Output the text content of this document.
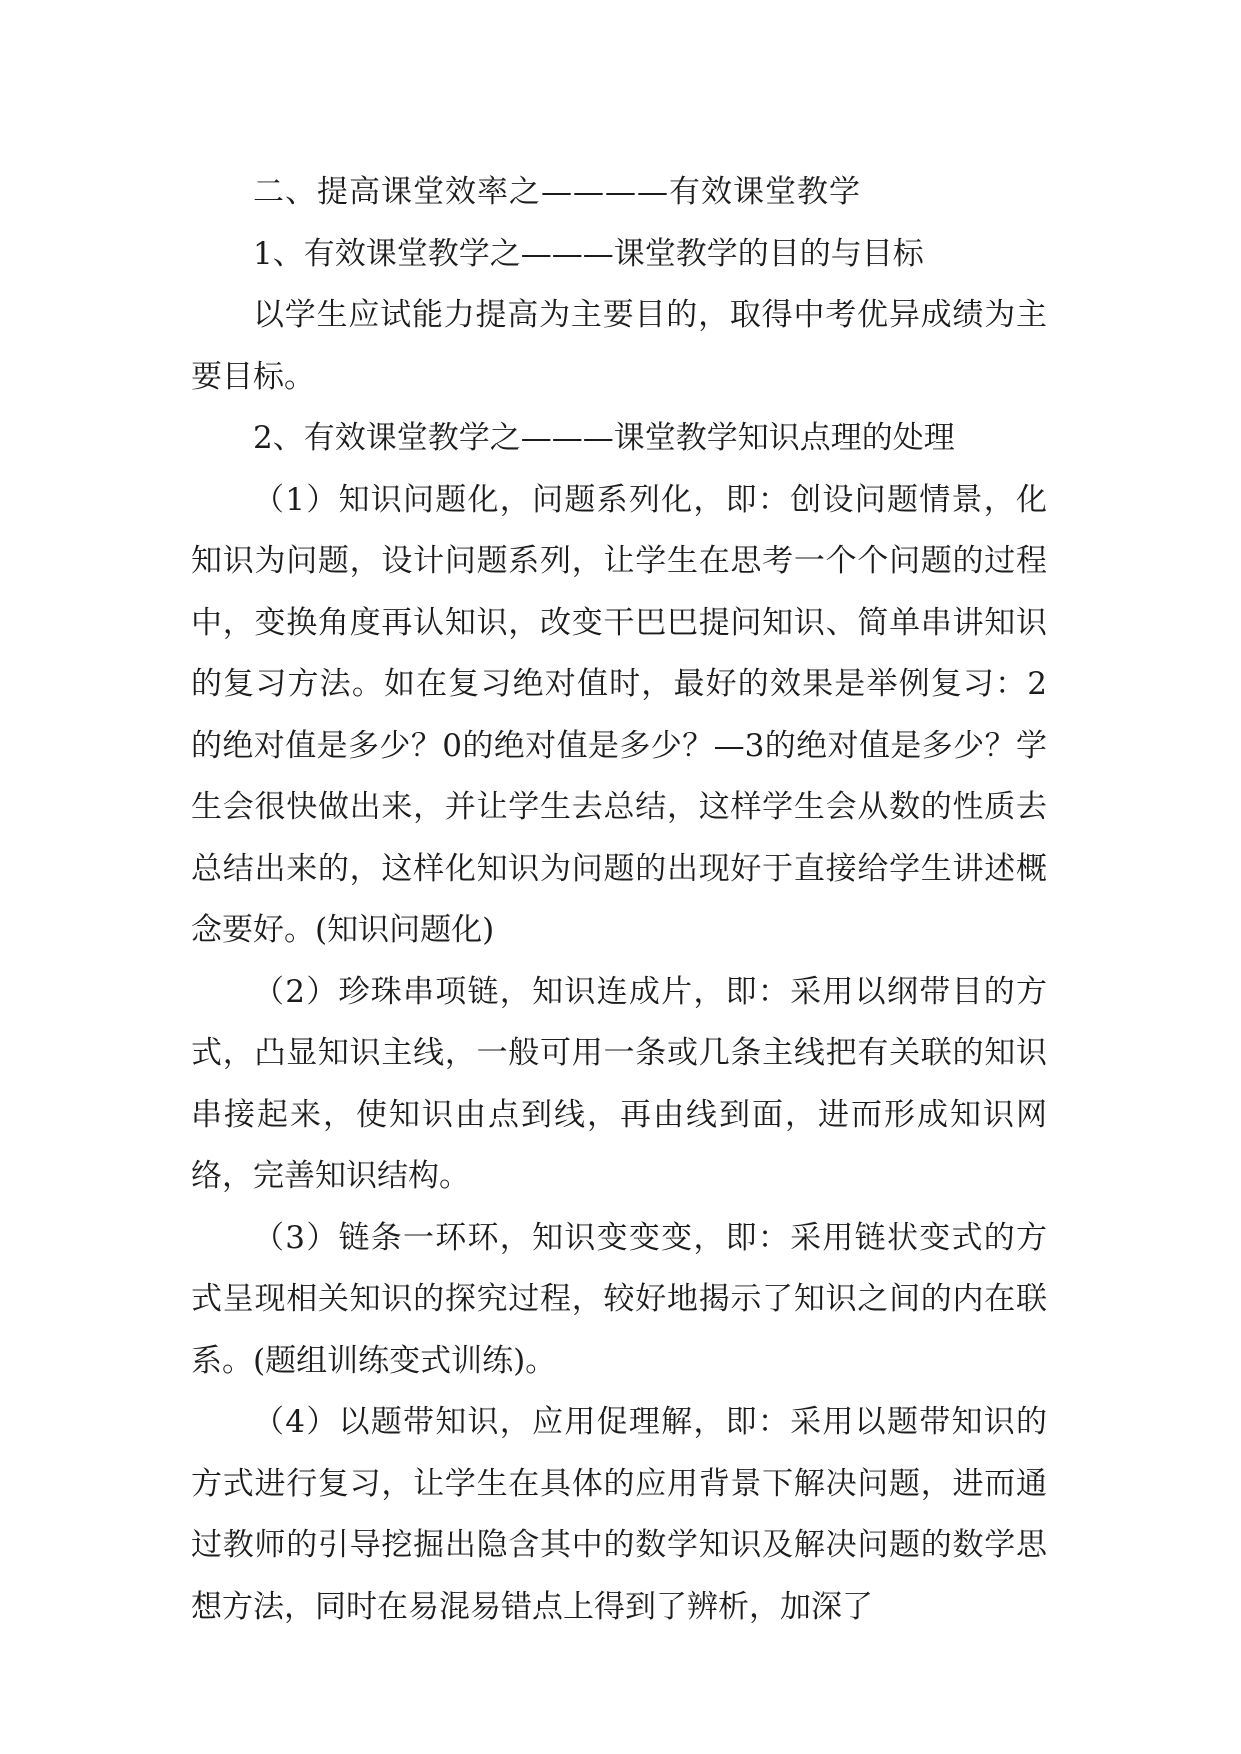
二、提高课堂效率之————有效课堂教学

1、有效课堂教学之———课堂教学的目的与目标

以学生应试能力提高为主要目的，取得中考优异成绩为主要目标。

2、有效课堂教学之———课堂教学知识点理的处理

（1）知识问题化，问题系列化，即：创设问题情景，化知识为问题，设计问题系列，让学生在思考一个个问题的过程中，变换角度再认知识，改变干巴巴提问知识、简单串讲知识的复习方法。如在复习绝对值时，最好的效果是举例复习：2的绝对值是多少？0的绝对值是多少？—3的绝对值是多少？学生会很快做出来，并让学生去总结，这样学生会从数的性质去总结出来的，这样化知识为问题的出现好于直接给学生讲述概念要好。(知识问题化)

（2）珍珠串项链，知识连成片，即：采用以纲带目的方式，凸显知识主线，一般可用一条或几条主线把有关联的知识串接起来，使知识由点到线，再由线到面，进而形成知识网络，完善知识结构。

（3）链条一环环，知识变变变，即：采用链状变式的方式呈现相关知识的探究过程，较好地揭示了知识之间的内在联系。(题组训练变式训练)。

（4）以题带知识，应用促理解，即：采用以题带知识的方式进行复习，让学生在具体的应用背景下解决问题，进而通过教师的引导挖掘出隐含其中的数学知识及解决问题的数学思想方法，同时在易混易错点上得到了辨析，加深了
